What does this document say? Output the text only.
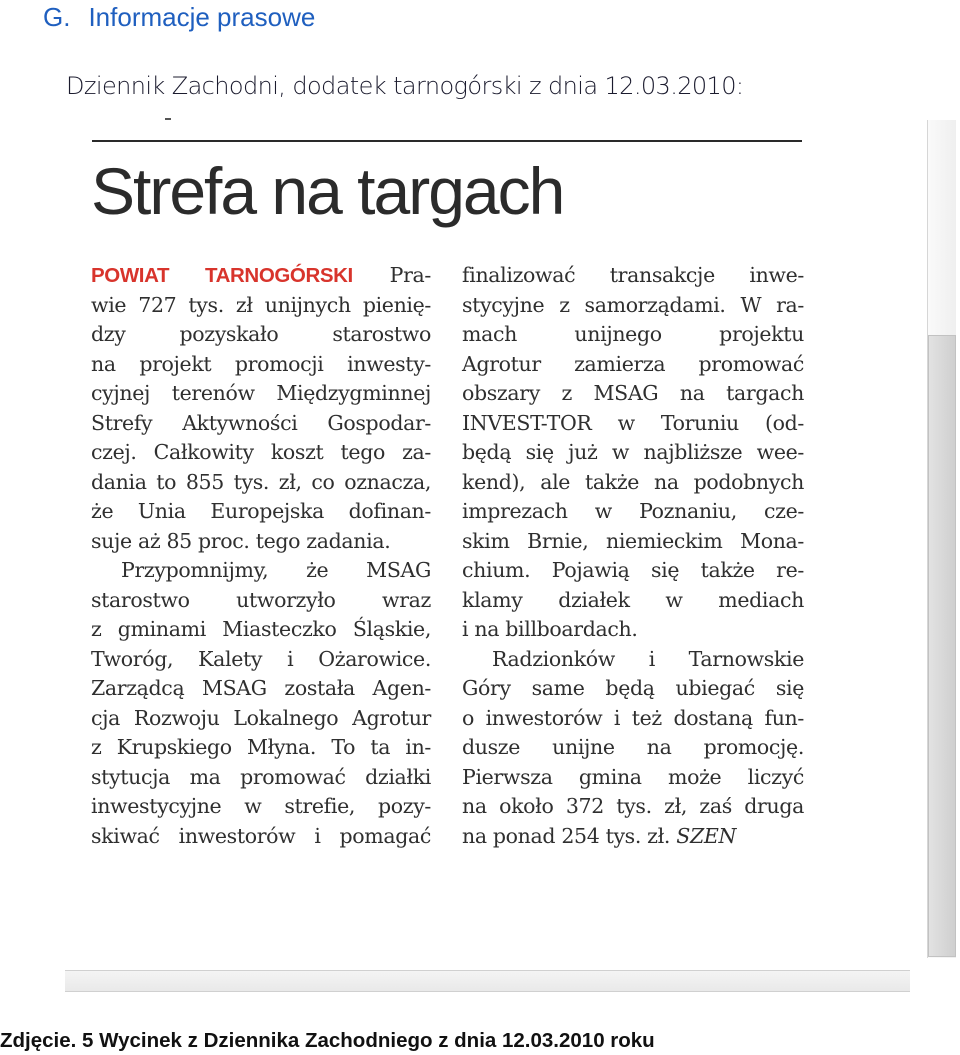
G. Informacje prasowe
Dziennik Zachodni, dodatek tarnogórski z dnia 12.03.2010:
Strefa na targach
POWIAT TARNOGÓRSKI Pra-
wie 727 tys. zł unijnych pienię-
dzy pozyskało starostwo
na projekt promocji inwesty-
cyjnej terenów Międzygminnej
Strefy Aktywności Gospodar-
czej. Całkowity koszt tego za-
dania to 855 tys. zł, co oznacza,
że Unia Europejska dofinan-
suje aż 85 proc. tego zadania.
Przypomnijmy, że MSAG
starostwo utworzyło wraz
z gminami Miasteczko Śląskie,
Tworóg, Kalety i Ożarowice.
Zarządcą MSAG została Agen-
cja Rozwoju Lokalnego Agrotur
z Krupskiego Młyna. To ta in-
stytucja ma promować działki
inwestycyjne w strefie, pozy-
skiwać inwestorów i pomagać
finalizować transakcje inwe-
stycyjne z samorządami. W ra-
mach unijnego projektu
Agrotur zamierza promować
obszary z MSAG na targach
INVEST-TOR w Toruniu (od-
będą się już w najbliższe wee-
kend), ale także na podobnych
imprezach w Poznaniu, cze-
skim Brnie, niemieckim Mona-
chium. Pojawią się także re-
klamy działek w mediach
i na billboardach.
Radzionków i Tarnowskie
Góry same będą ubiegać się
o inwestorów i też dostaną fun-
dusze unijne na promocję.
Pierwsza gmina może liczyć
na około 372 tys. zł, zaś druga
na ponad 254 tys. zł. SZEN
Zdjęcie. 5 Wycinek z Dziennika Zachodniego z dnia 12.03.2010 roku
